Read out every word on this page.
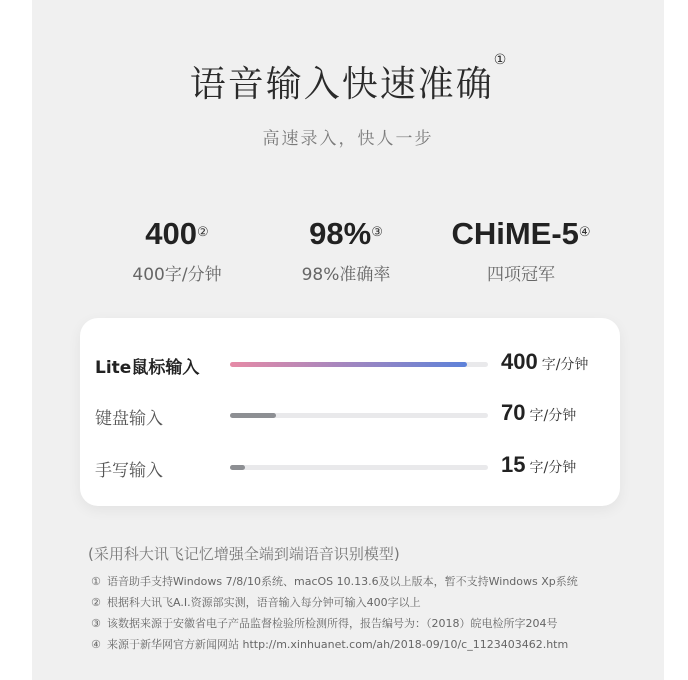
语音输入快速准确①
高速录入，快人一步
400②
400字/分钟
98%③
98%准确率
CHiME-5④
四项冠军
Lite鼠标输入	400 字/分钟
键盘输入	70 字/分钟
手写输入	15 字/分钟
(采用科大讯飞记忆增强全端到端语音识别模型)
① 语音助手支持Windows 7/8/10系统、macOS 10.13.6及以上版本，暂不支持Windows Xp系统
② 根据科大讯飞A.I.资源部实测，语音输入每分钟可输入400字以上
③ 该数据来源于安徽省电子产品监督检验所检测所得，报告编号为：（2018）皖电检所字204号
④ 来源于新华网官方新闻网站 http://m.xinhuanet.com/ah/2018-09/10/c_1123403462.htm
